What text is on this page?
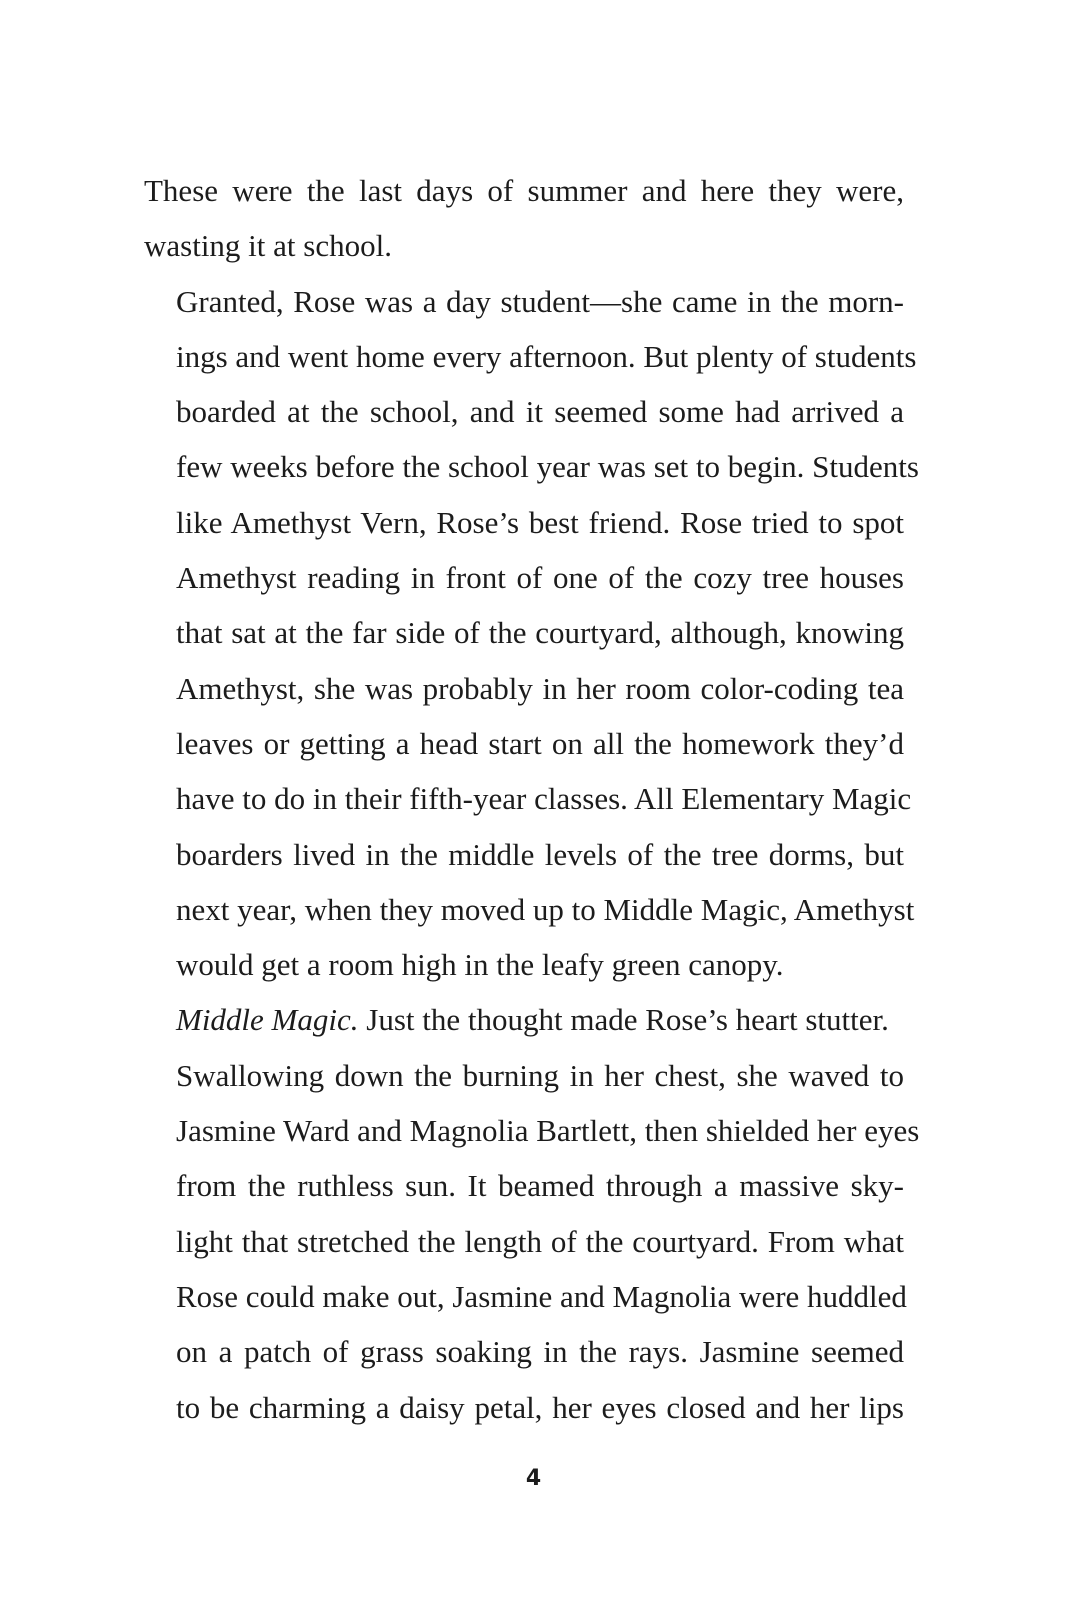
These were the last days of summer and here they were,
wasting it at school.

Granted, Rose was a day student—she came in the morn-
ings and went home every afternoon. But plenty of students
boarded at the school, and it seemed some had arrived a
few weeks before the school year was set to begin. Students
like Amethyst Vern, Rose’s best friend. Rose tried to spot
Amethyst reading in front of one of the cozy tree houses
that sat at the far side of the courtyard, although, knowing
Amethyst, she was probably in her room color-coding tea
leaves or getting a head start on all the homework they’d
have to do in their fifth-year classes. All Elementary Magic
boarders lived in the middle levels of the tree dorms, but
next year, when they moved up to Middle Magic, Amethyst
would get a room high in the leafy green canopy.

Middle Magic. Just the thought made Rose’s heart stutter.

Swallowing down the burning in her chest, she waved to
Jasmine Ward and Magnolia Bartlett, then shielded her eyes
from the ruthless sun. It beamed through a massive sky-
light that stretched the length of the courtyard. From what
Rose could make out, Jasmine and Magnolia were huddled
on a patch of grass soaking in the rays. Jasmine seemed
to be charming a daisy petal, her eyes closed and her lips

4
